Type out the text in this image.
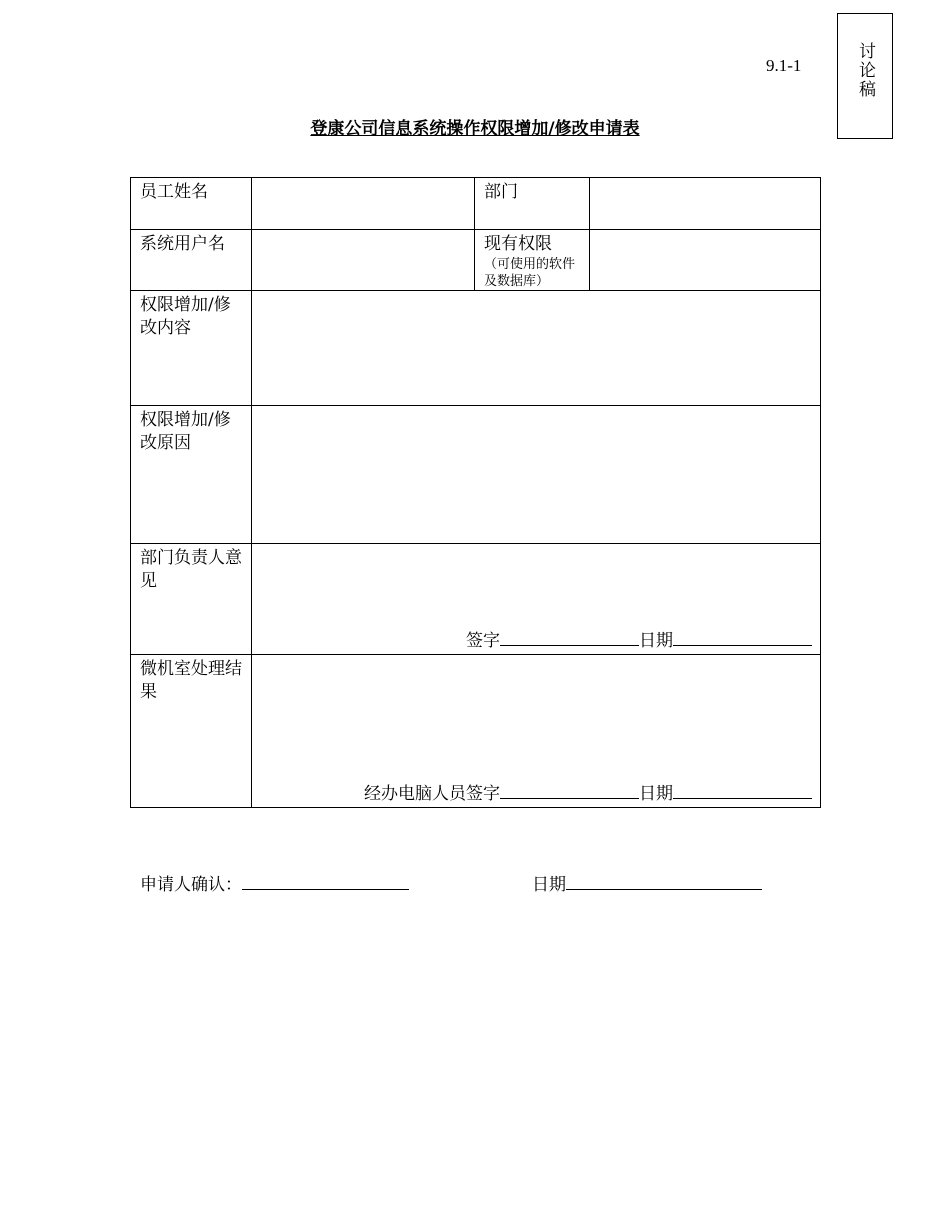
讨论稿
9.1-1
登康公司信息系统操作权限增加/修改申请表
员工姓名		部门	
系统用户名		现有权限
（可使用的软件及数据库）	

权限增加/修改内容			
权限增加/修改原因			
部门负责人意见	签字 日期		

微机室处理结果	经办电脑人员签字 日期		
申请人确认：	日期
